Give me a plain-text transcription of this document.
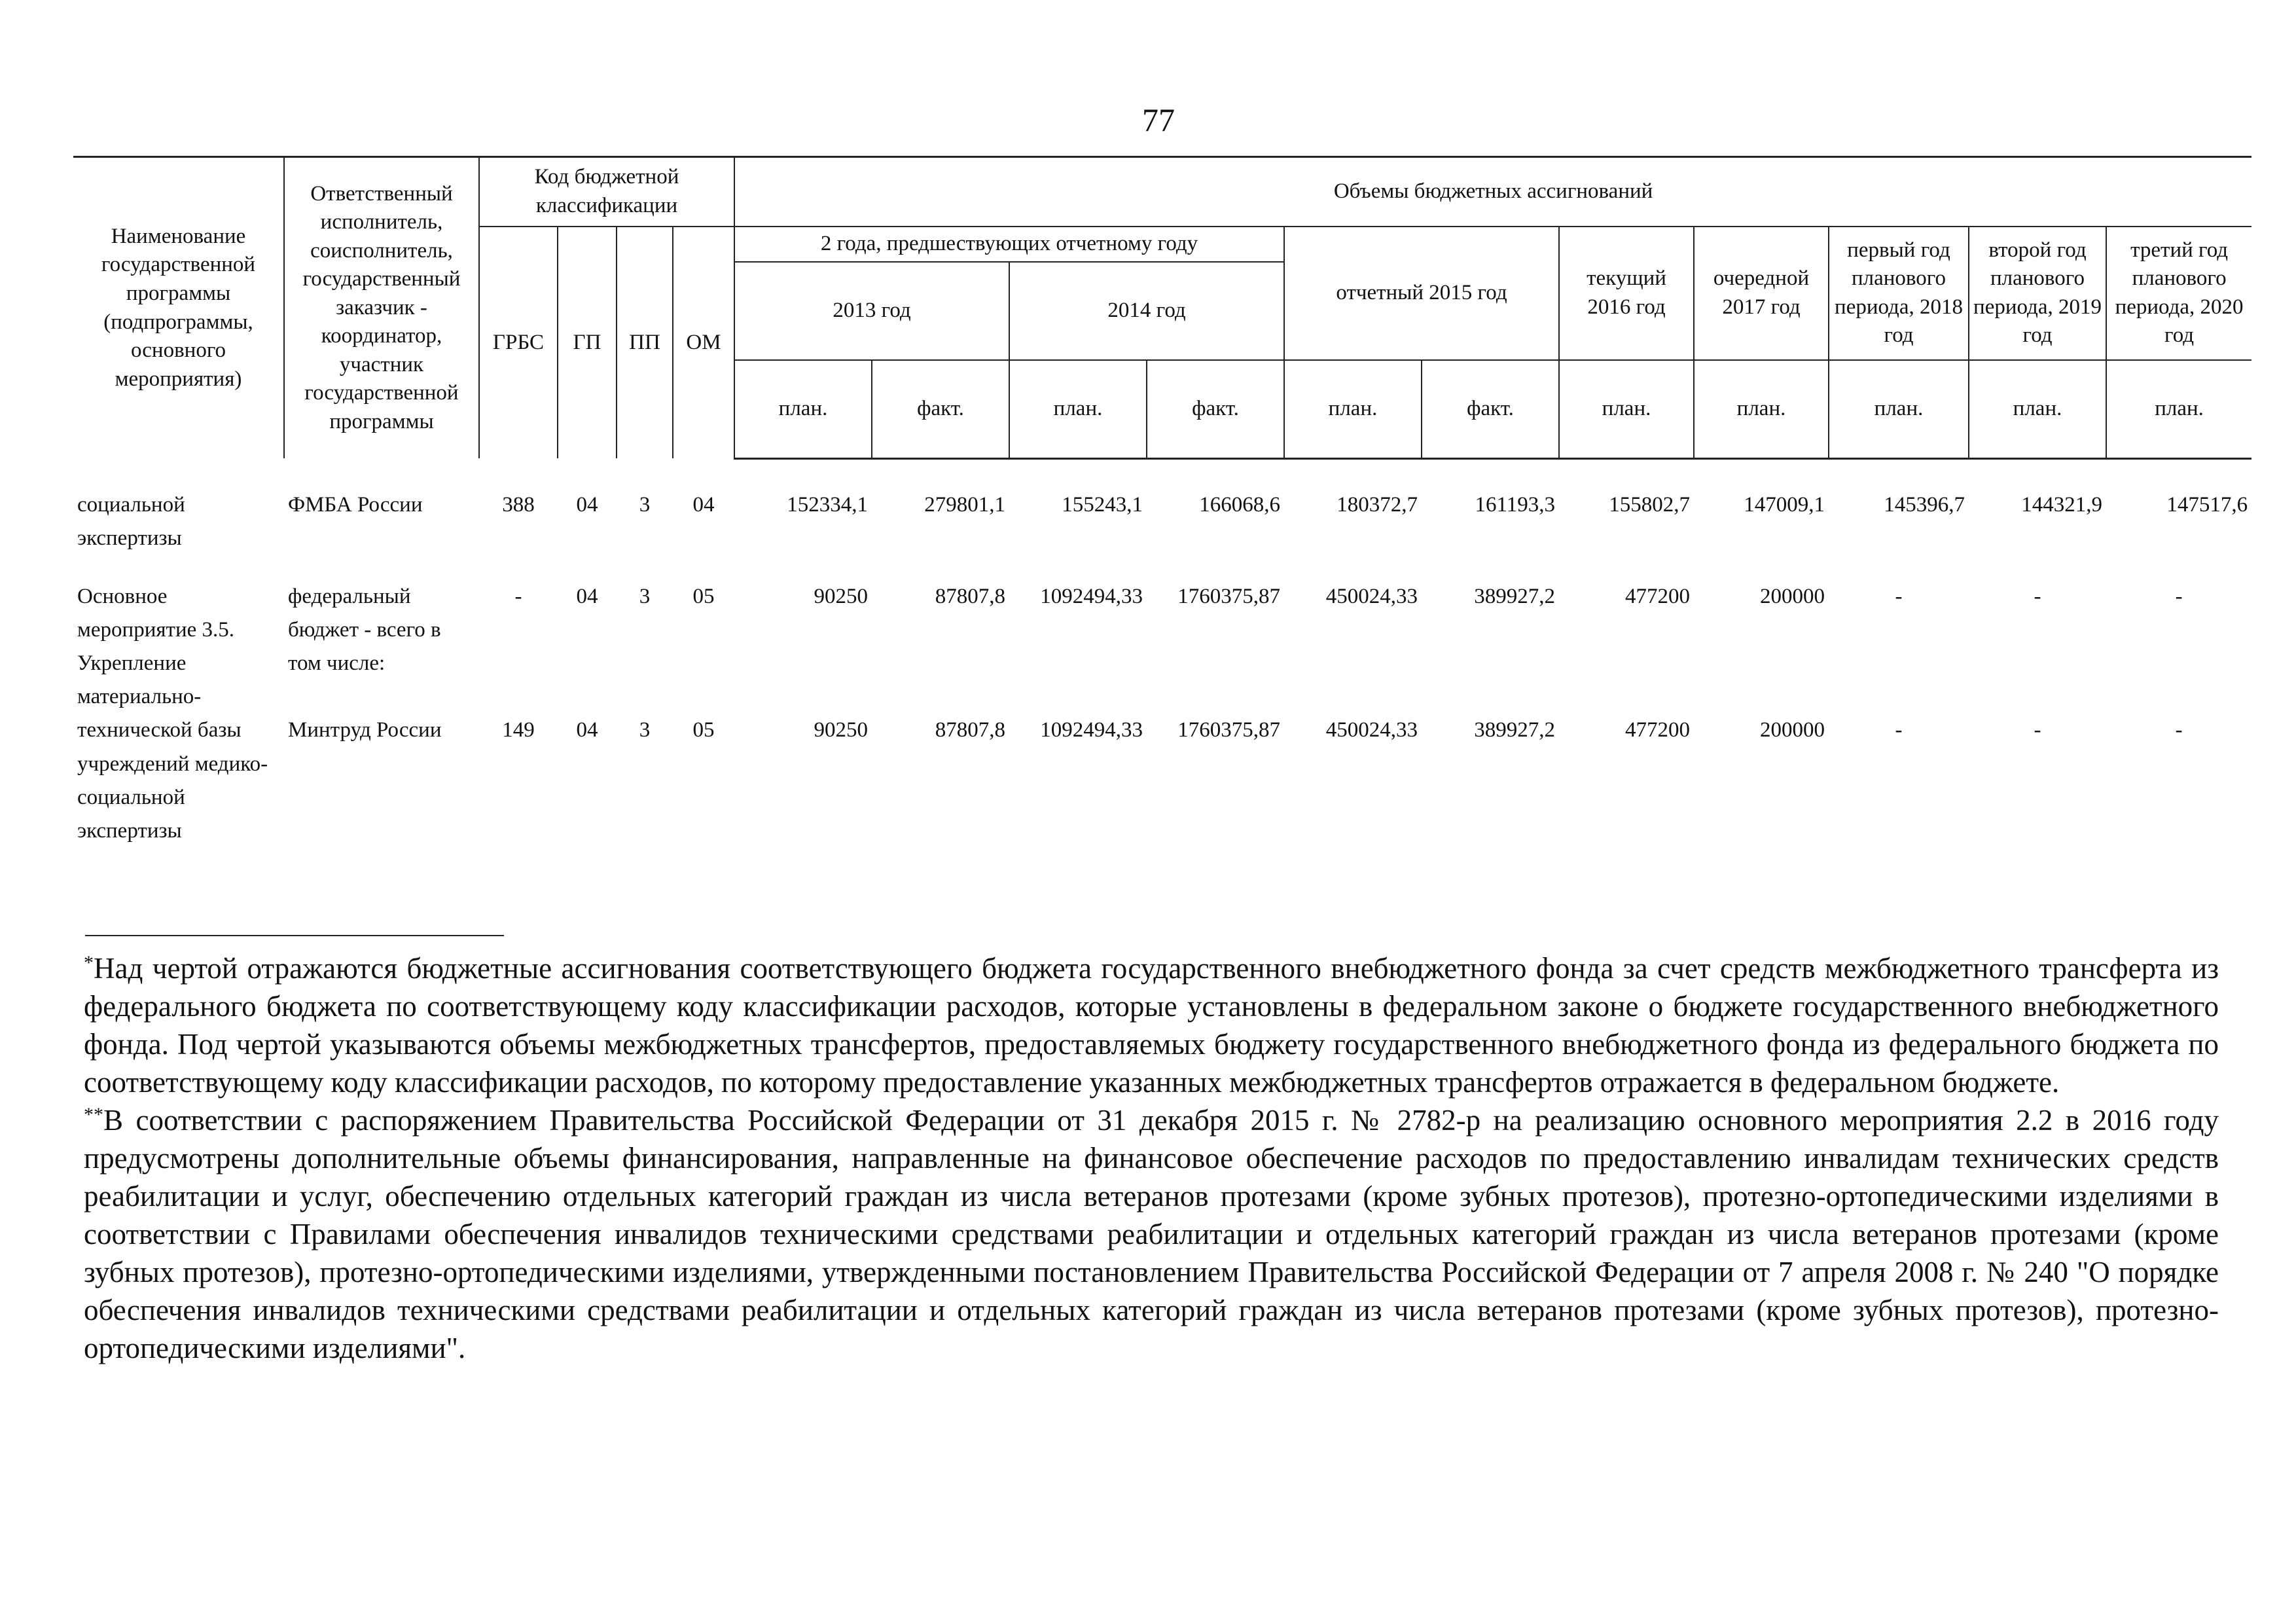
77
Наименование государственной программы (подпрограммы, основного мероприятия)	Ответственный исполнитель, соисполнитель, государственный заказчик - координатор, участник государственной программы	Код бюджетной классификации				Объемы бюджетных ассигнований										
		ГРБС	ГП	ПП	ОМ	2 года, предшествующих отчетному году				отчетный 2015 год		текущий 2016 год	очередной 2017 год	первый год планового периода, 2018 год	второй год планового периода, 2019 год	третий год планового периода, 2020 год
						2013 год		2014 год								
						план.	факт.	план.	факт.	план.	факт.	план.	план.	план.	план.	план.

социальной экспертизы	ФМБА России	388	04	3	04	152334,1	279801,1	155243,1	166068,6	180372,7	161193,3	155802,7	147009,1	145396,7	144321,9	147517,6

Основное мероприятие 3.5. Укрепление материально-	федеральный бюджет - всего в том числе:	-	04	3	05	90250	87807,8	1092494,33	1760375,87	450024,33	389927,2	477200	200000	-	-	-
технической базы учреждений медико-социальной экспертизы	Минтруд России	149	04	3	05	90250	87807,8	1092494,33	1760375,87	450024,33	389927,2	477200	200000	-	-	-

*Над чертой отражаются бюджетные ассигнования соответствующего бюджета государственного внебюджетного фонда за счет средств межбюджетного трансферта из федерального бюджета по соответствующему коду классификации расходов, которые установлены в федеральном законе о бюджете государственного внебюджетного фонда. Под чертой указываются объемы межбюджетных трансфертов, предоставляемых бюджету государственного внебюджетного фонда из федерального бюджета по соответствующему коду классификации расходов, по которому предоставление указанных межбюджетных трансфертов отражается в федеральном бюджете.

**В соответствии с распоряжением Правительства Российской Федерации от 31 декабря 2015 г. № 2782-р на реализацию основного мероприятия 2.2 в 2016 году предусмотрены дополнительные объемы финансирования, направленные на финансовое обеспечение расходов по предоставлению инвалидам технических средств реабилитации и услуг, обеспечению отдельных категорий граждан из числа ветеранов протезами (кроме зубных протезов), протезно-ортопедическими изделиями в соответствии с Правилами обеспечения инвалидов техническими средствами реабилитации и отдельных категорий граждан из числа ветеранов протезами (кроме зубных протезов), протезно-ортопедическими изделиями, утвержденными постановлением Правительства Российской Федерации от 7 апреля 2008 г. № 240 "О порядке обеспечения инвалидов техническими средствами реабилитации и отдельных категорий граждан из числа ветеранов протезами (кроме зубных протезов), протезно-ортопедическими изделиями".
